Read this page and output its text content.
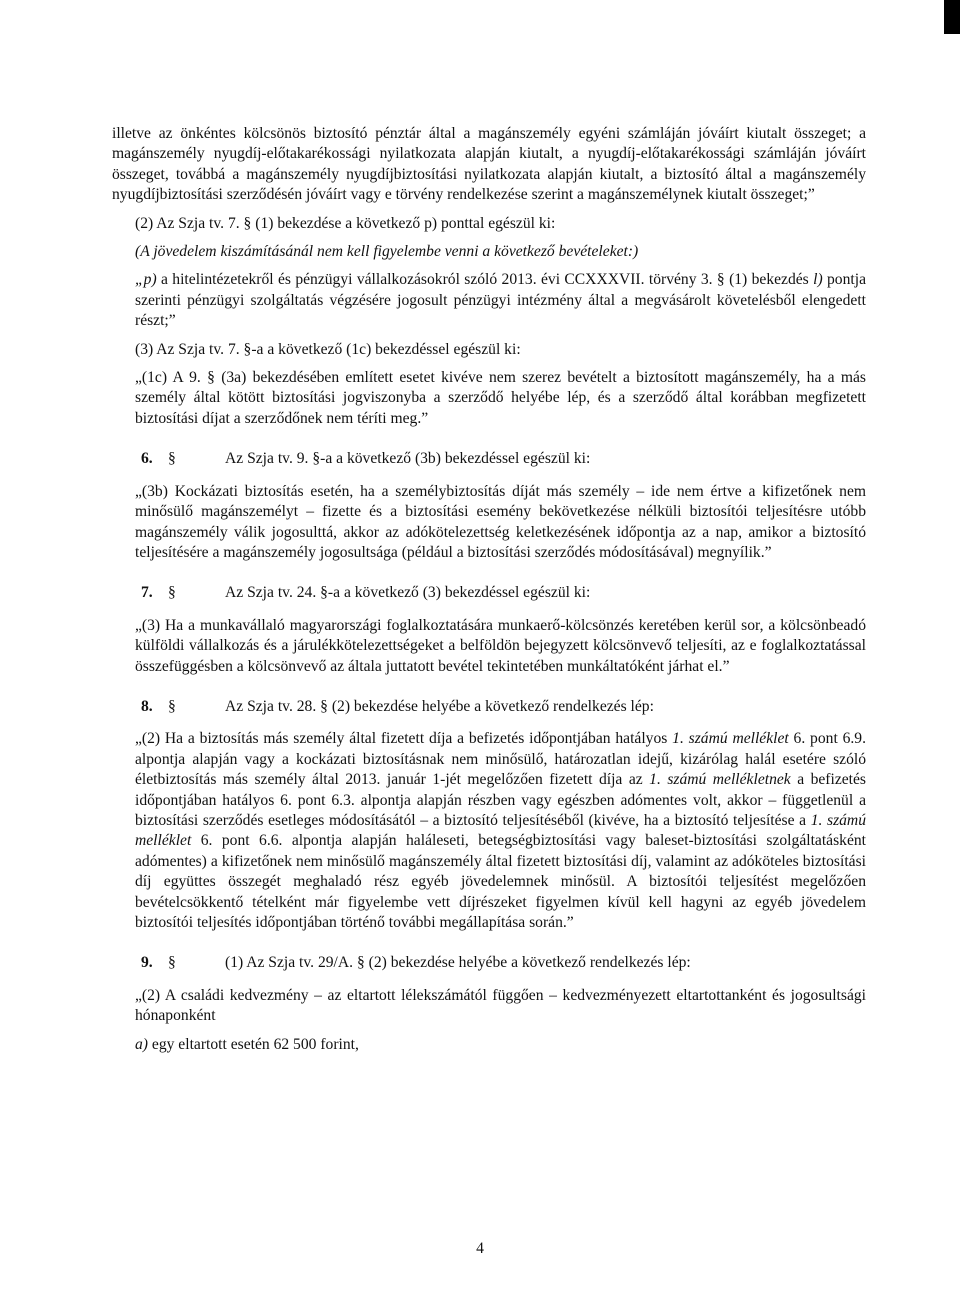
illetve az önkéntes kölcsönös biztosító pénztár által a magánszemély egyéni számláján jóváírt kiutalt összeget; a magánszemély nyugdíj-előtakarékossági nyilatkozata alapján kiutalt, a nyugdíj-előtakarékossági számláján jóváírt összeget, továbbá a magánszemély nyugdíjbiztosítási nyilatkozata alapján kiutalt, a biztosító által a magánszemély nyugdíjbiztosítási szerződésén jóváírt vagy e törvény rendelkezése szerint a magánszemélynek kiutalt összeget;”

(2) Az Szja tv. 7. § (1) bekezdése a következő p) ponttal egészül ki:

(A jövedelem kiszámításánál nem kell figyelembe venni a következő bevételeket:)

„p) a hitelintézetekről és pénzügyi vállalkozásokról szóló 2013. évi CCXXXVII. törvény 3. § (1) bekezdés l) pontja szerinti pénzügyi szolgáltatás végzésére jogosult pénzügyi intézmény által a megvásárolt követelésből elengedett részt;”

(3) Az Szja tv. 7. §-a a következő (1c) bekezdéssel egészül ki:

„(1c) A 9. § (3a) bekezdésében említett esetet kivéve nem szerez bevételt a biztosított magánszemély, ha a más személy által kötött biztosítási jogviszonyba a szerződő helyébe lép, és a szerződő által korábban megfizetett biztosítási díjat a szerződőnek nem téríti meg.”

6. §	Az Szja tv. 9. §-a a következő (3b) bekezdéssel egészül ki:

„(3b) Kockázati biztosítás esetén, ha a személybiztosítás díját más személy – ide nem értve a kifizetőnek nem minősülő magánszemélyt – fizette és a biztosítási esemény bekövetkezése nélküli biztosítói teljesítésre utóbb magánszemély válik jogosulttá, akkor az adókötelezettség keletkezésének időpontja az a nap, amikor a biztosító teljesítésére a magánszemély jogosultsága (például a biztosítási szerződés módosításával) megnyílik.”

7. §	Az Szja tv. 24. §-a a következő (3) bekezdéssel egészül ki:

„(3) Ha a munkavállaló magyarországi foglalkoztatására munkaerő-kölcsönzés keretében kerül sor, a kölcsönbeadó külföldi vállalkozás és a járulékkötelezettségeket a belföldön bejegyzett kölcsönvevő teljesíti, az e foglalkoztatással összefüggésben a kölcsönvevő az általa juttatott bevétel tekintetében munkáltatóként járhat el.”

8. §	Az Szja tv. 28. § (2) bekezdése helyébe a következő rendelkezés lép:

„(2) Ha a biztosítás más személy által fizetett díja a befizetés időpontjában hatályos 1. számú melléklet 6. pont 6.9. alpontja alapján vagy a kockázati biztosításnak nem minősülő, határozatlan idejű, kizárólag halál esetére szóló életbiztosítás más személy által 2013. január 1-jét megelőzően fizetett díja az 1. számú mellékletnek a befizetés időpontjában hatályos 6. pont 6.3. alpontja alapján részben vagy egészben adómentes volt, akkor – függetlenül a biztosítási szerződés esetleges módosításától – a biztosító teljesítéséből (kivéve, ha a biztosító teljesítése a 1. számú melléklet 6. pont 6.6. alpontja alapján haláleseti, betegségbiztosítási vagy baleset-biztosítási szolgáltatásként adómentes) a kifizetőnek nem minősülő magánszemély által fizetett biztosítási díj, valamint az adóköteles biztosítási díj együttes összegét meghaladó rész egyéb jövedelemnek minősül. A biztosítói teljesítést megelőzően bevételcsökkentő tételként már figyelembe vett díjrészeket figyelmen kívül kell hagyni az egyéb jövedelem biztosítói teljesítés időpontjában történő további megállapítása során.”

9. §	(1) Az Szja tv. 29/A. § (2) bekezdése helyébe a következő rendelkezés lép:

„(2) A családi kedvezmény – az eltartott lélekszámától függően – kedvezményezett eltartottanként és jogosultsági hónaponként

a) egy eltartott esetén 62 500 forint,

4
